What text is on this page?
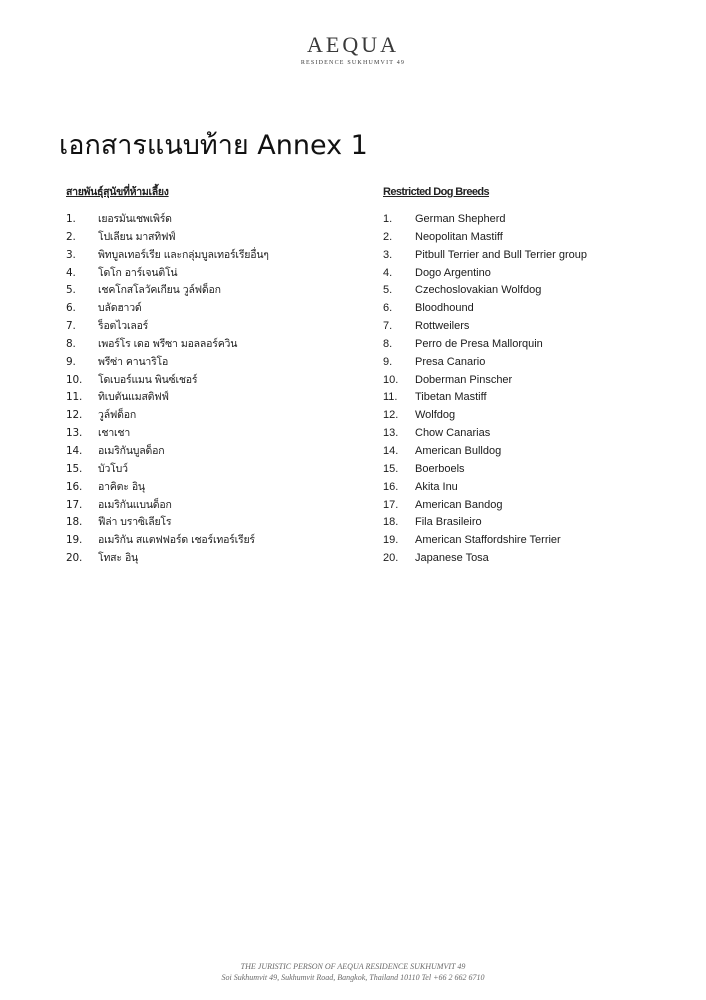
AEQUA
RESIDENCE SUKHUMVIT 49
เอกสารแนบท้าย Annex 1
สายพันธุ์สุนัขที่ห้ามเลี้ยง
1. เยอรมันเชพเพิร์ด
2. โปเลียน มาสทิฟฟ์
3. พิทบูลเทอร์เรีย และกลุ่มบูลเทอร์เรียอื่นๆ
4. โดโก อาร์เจนติโน่
5. เชคโกสโลวัคเกียน วูล์ฟด็อก
6. บลัดฮาวด์
7. ร็อตไวเลอร์
8. เพอร์โร เดอ พรีซา มอลลอร์ควิน
9. พรีซ่า คานาริโอ
10. โดเบอร์แมน พินซ์เชอร์
11. ทิเบตันแมสติฟฟ์
12. วูล์ฟด็อก
13. เชาเชา
14. อเมริกันบูลด็อก
15. บัวโบว์
16. อาคิตะ อินุ
17. อเมริกันแบนด็อก
18. ฟีล่า บราซิเลียโร
19. อเมริกัน สแตฟฟอร์ด เชอร์เทอร์เรียร์
20. โทสะ อินุ
Restricted Dog Breeds
1. German Shepherd
2. Neopolitan Mastiff
3. Pitbull Terrier and Bull Terrier group
4. Dogo Argentino
5. Czechoslovakian Wolfdog
6. Bloodhound
7. Rottweilers
8. Perro de Presa Mallorquin
9. Presa Canario
10. Doberman Pinscher
11. Tibetan Mastiff
12. Wolfdog
13. Chow Canarias
14. American Bulldog
15. Boerboels
16. Akita Inu
17. American Bandog
18. Fila Brasileiro
19. American Staffordshire Terrier
20. Japanese Tosa
THE JURISTIC PERSON OF AEQUA RESIDENCE SUKHUMVIT 49
Soi Sukhumvit 49, Sukhumvit Road, Bangkok, Thailand 10110 Tel +66 2 662 6710
